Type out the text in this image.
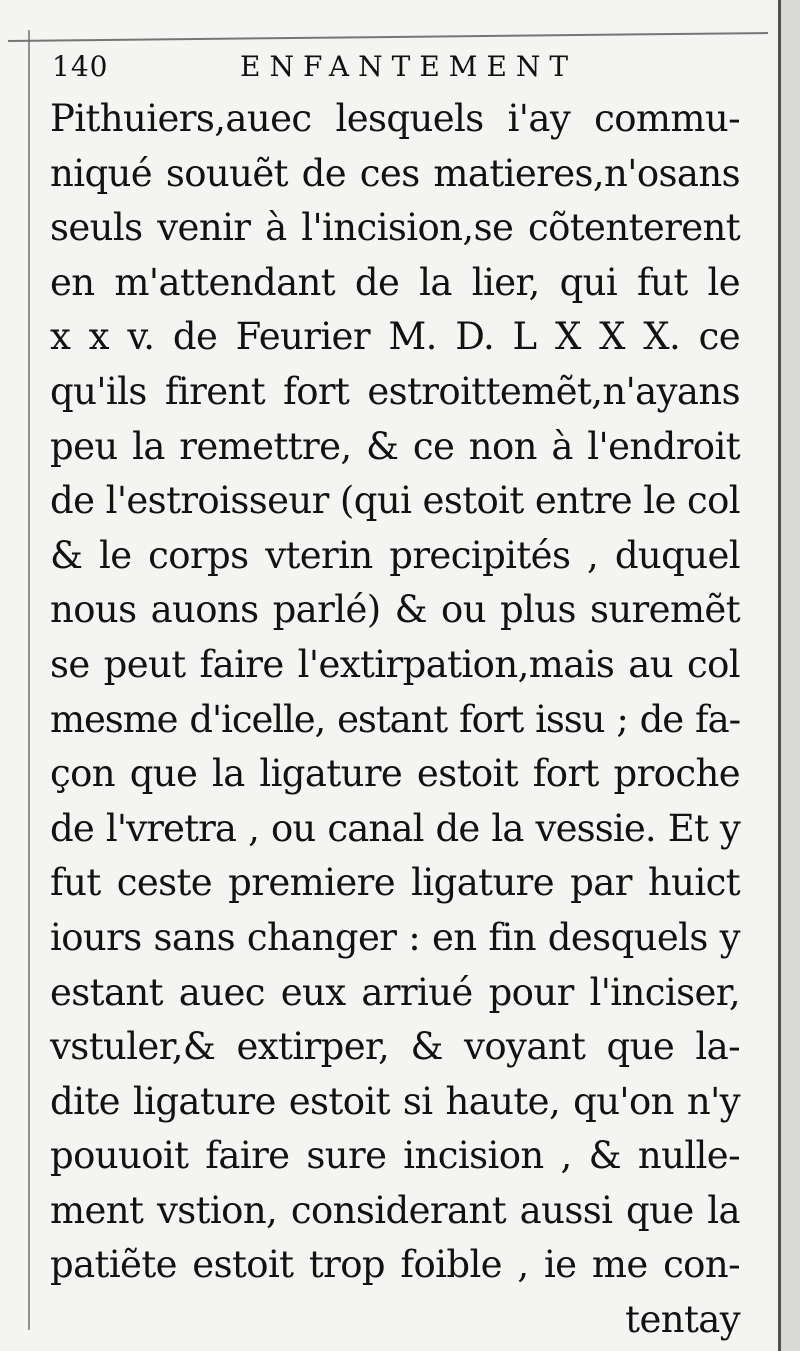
140	ENFANTEMENT
Pithuiers,auec lesquels i'ay commu-
niqué souuẽt de ces matieres,n'osans
seuls venir à l'incision,se cõtenterent
en m'attendant de la lier, qui fut le
x x v. de Feurier M. D. L X X X. ce
qu'ils firent fort estroittemẽt,n'ayans
peu la remettre, & ce non à l'endroit
de l'estroisseur (qui estoit entre le col
& le corps vterin precipités , duquel
nous auons parlé) & ou plus suremẽt
se peut faire l'extirpation,mais au col
mesme d'icelle, estant fort issu ; de fa-
çon que la ligature estoit fort proche
de l'vretra , ou canal de la vessie. Et y
fut ceste premiere ligature par huict
iours sans changer : en fin desquels y
estant auec eux arriué pour l'inciser,
vstuler,& extirper, & voyant que la-
dite ligature estoit si haute, qu'on n'y
pouuoit faire sure incision , & nulle-
ment vstion, considerant aussi que la
patiẽte estoit trop foible , ie me con-
tentay
